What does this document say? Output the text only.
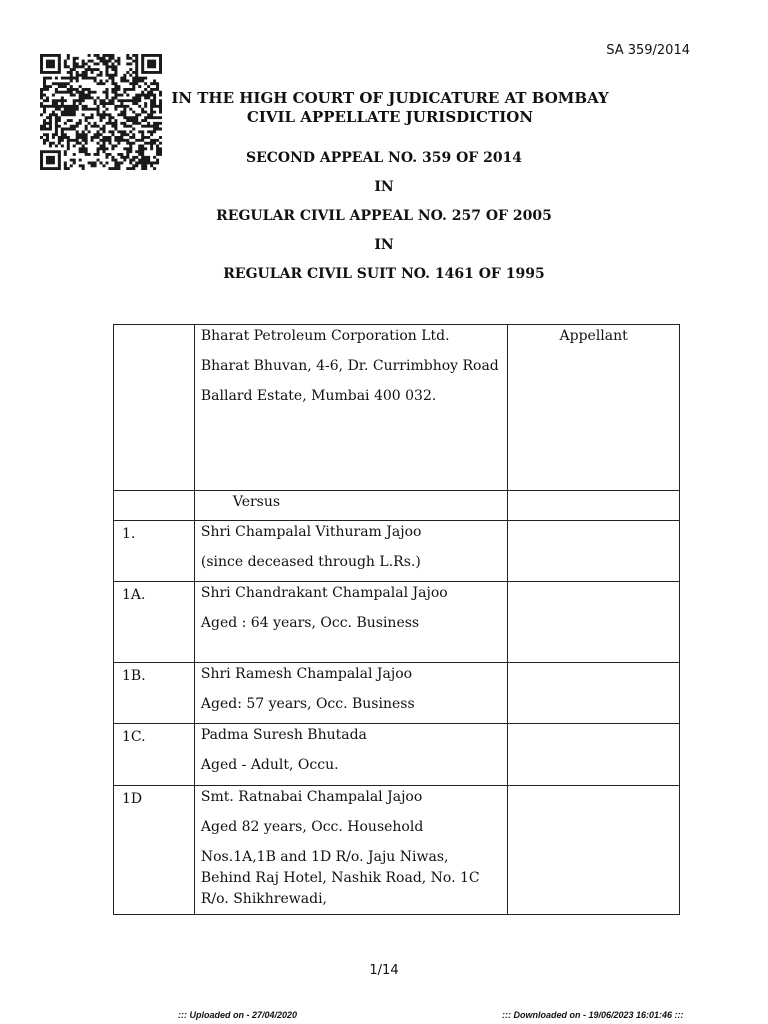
SA 359/2014
IN THE HIGH COURT OF JUDICATURE AT BOMBAY
CIVIL APPELLATE JURISDICTION
SECOND APPEAL NO. 359 OF 2014
IN
REGULAR CIVIL APPEAL NO. 257 OF 2005
IN
REGULAR CIVIL SUIT NO. 1461 OF 1995

	Bharat Petroleum Corporation Ltd.

Bharat Bhuvan, 4-6, Dr. Currimbhoy Road

Ballard Estate, Mumbai 400 032.	Appellant

	Versus	

1.	Shri Champalal Vithuram Jajoo

(since deceased through L.Rs.)	

1A.	Shri Chandrakant Champalal Jajoo

Aged : 64 years, Occ. Business	

1B.	Shri Ramesh Champalal Jajoo

Aged: 57 years, Occ. Business	

1C.	Padma Suresh Bhutada

Aged - Adult, Occu.	

1D	Smt. Ratnabai Champalal Jajoo

Aged 82 years, Occ. Household

Nos.1A,1B and 1D R/o. Jaju Niwas, Behind Raj Hotel, Nashik Road, No. 1C R/o. Shikhrewadi,	

1/14
::: Uploaded on - 27/04/2020	::: Downloaded on - 19/06/2023 16:01:46 :::
